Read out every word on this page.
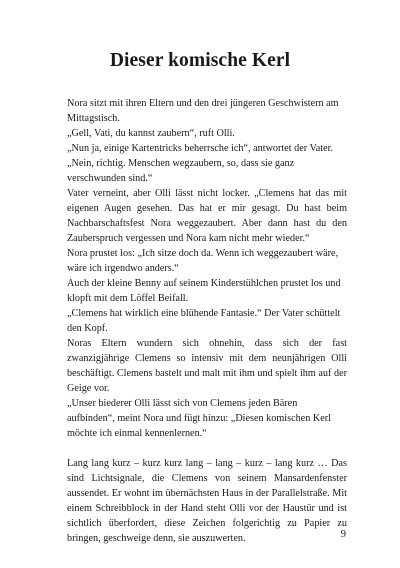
Dieser komische Kerl

Nora sitzt mit ihren Eltern und den drei jüngeren Geschwistern am Mittagstisch.

„Gell, Vati, du kannst zaubern“, ruft Olli.

„Nun ja, einige Kartentricks beherrsche ich“, antwortet der Vater.

„Nein, richtig. Menschen wegzaubern, so, dass sie ganz verschwunden sind.“

Vater verneint, aber Olli lässt nicht locker. „Clemens hat das mit eigenen Augen gesehen. Das hat er mir gesagt. Du hast beim Nachbarschaftsfest Nora weggezaubert. Aber dann hast du den Zauberspruch vergessen und Nora kam nicht mehr wieder.“

Nora prustet los: „Ich sitze doch da. Wenn ich weggezaubert wäre, wäre ich irgendwo anders.“

Auch der kleine Benny auf seinem Kinderstühlchen prustet los und klopft mit dem Löffel Beifall.

„Clemens hat wirklich eine blühende Fantasie.“ Der Vater schüttelt den Kopf.

Noras Eltern wundern sich ohnehin, dass sich der fast zwanzigjährige Clemens so intensiv mit dem neunjährigen Olli beschäftigt. Clemens bastelt und malt mit ihm und spielt ihm auf der Geige vor.

„Unser biederer Olli lässt sich von Clemens jeden Bären aufbinden“, meint Nora und fügt hinzu: „Diesen komischen Kerl möchte ich einmal kennenlernen.“

Lang lang kurz – kurz kurz lang – lang – kurz – lang kurz … Das sind Lichtsignale, die Clemens von seinem Mansardenfenster aussendet. Er wohnt im übernächsten Haus in der Parallelstraße. Mit einem Schreibblock in der Hand steht Olli vor der Haustür und ist sichtlich überfordert, diese Zeichen folgerichtig zu Papier zu bringen, geschweige denn, sie auszuwerten.	9
